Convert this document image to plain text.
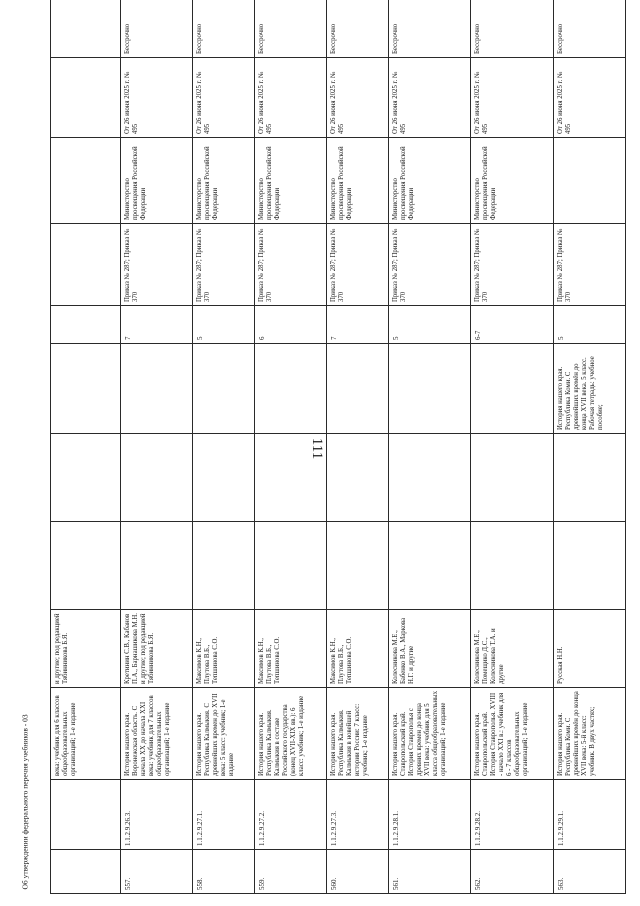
111
Об утверждении федерального перечня учебников - 03
			века: учебник для 6 классов общеобразовательных организаций; 1-е издание	и другие; под редакцией Тябинникова Б.Я.								
557.	1.1.2.9.26.3.	История нашего края. Воронежская область. С начала XX до начала XXI века: учебник для 7 классов общеобразовательных организаций; 1-е издание	Кретинин С.В., Кабанов П.А., Барнашикова М.Н. и другие; под редакцией Тябинникова Б.Я.				7	Приказ № 287; Приказ № 370	Министерство просвещения Российской Федерации	От 26 июня 2025 г. № 495	Бессрочно
558.	1.1.2.9.27.1.	История нашего края. Республика Калмыкия. С древнейших времен до XVII века: 5 класс: учебник; 1-е издание	Максимов К.Н., Плутова В.Б., Тепшинова С.О.				5	Приказ № 287; Приказ № 370	Министерство просвещения Российской Федерации	От 26 июня 2025 г. № 495	Бессрочно
559.	1.1.2.9.27.2.	История нашего края. Республика Калмыкия. Калмыкия в составе Российского государства (конец XVII-XIX вв.): 6 класс: учебник; 1-е издание	Максимов К.Н., Плутова В.Б., Тепшинова С.О.				6	Приказ № 287; Приказ № 370	Министерство просвещения Российской Федерации	От 26 июня 2025 г. № 495	Бессрочно
560.	1.1.2.9.27.3.	История нашего края. Республика Калмыкия. Калмыкия в новейшей истории России: 7 класс: учебник; 1-е издание	Максимов К.Н., Плутова В.Б., Тепшинова С.О.				7	Приказ № 287; Приказ № 370	Министерство просвещения Российской Федерации	От 26 июня 2025 г. № 495	Бессрочно
561.	1.1.2.9.28.1.	История нашего края. Ставропольский край. История Ставрополья с древних времен до конца XVII века: учебник для 5 класса общеобразовательных организаций; 1-е издание	Колесникова М.Е., Бабенко В.А., Маркова Н.Г. и другие				5	Приказ № 287; Приказ № 370	Министерство просвещения Российской Федерации	От 26 июня 2025 г. № 495	Бессрочно
562.	1.1.2.9.28.2.	История нашего края. Ставропольский край. История Ставрополья. XVIII - начало XXI в.: учебник для 6 - 7 классов общеобразовательных организаций; 1-е издание	Колесникова М.Е., Помещико Д.С., Колесникова Т.А. и другие				6-7	Приказ № 287; Приказ № 370	Министерство просвещения Российской Федерации	От 26 июня 2025 г. № 495	Бессрочно
563.	1.1.2.9.29.1.	История нашего края. Республика Коми. С древнейших времён до конца XVII века: 5-й класс: учебник. В двух частях;	Русская Н.Н.			История нашего края. Республика Коми. С древнейших времён до конца XVII века. 5 класс. Рабочая тетрадь: учебное пособие;	5	Приказ № 287; Приказ № 370		От 26 июня 2025 г. № 495	Бессрочно
